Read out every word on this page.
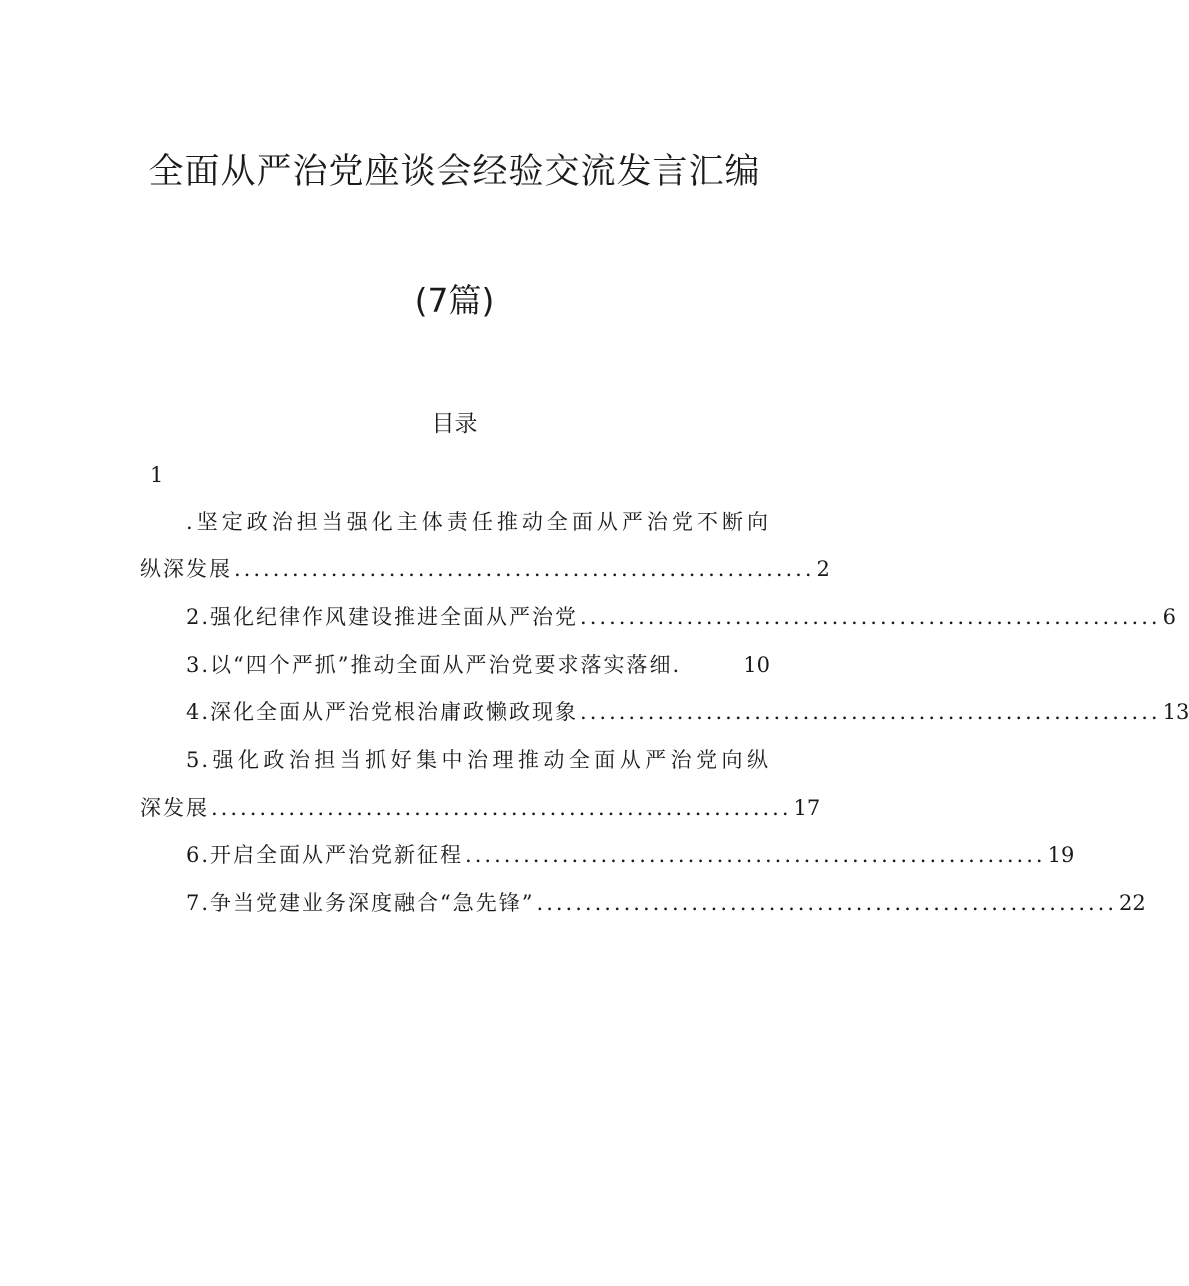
全面从严治党座谈会经验交流发言汇编
(7篇)
目录
1
.坚定政治担当强化主体责任推动全面从严治党不断向
纵深发展 ............................................................ 2
2.强化纪律作风建设推进全面从严治党 ............................................................ 6
3.以“四个严抓”推动全面从严治党要求落实落细.	10
4.深化全面从严治党根治庸政懒政现象 ............................................................ 13
5.强化政治担当抓好集中治理推动全面从严治党向纵
深发展 ............................................................ 17
6.开启全面从严治党新征程 ............................................................ 19
7.争当党建业务深度融合“急先锋” ............................................................ 22
